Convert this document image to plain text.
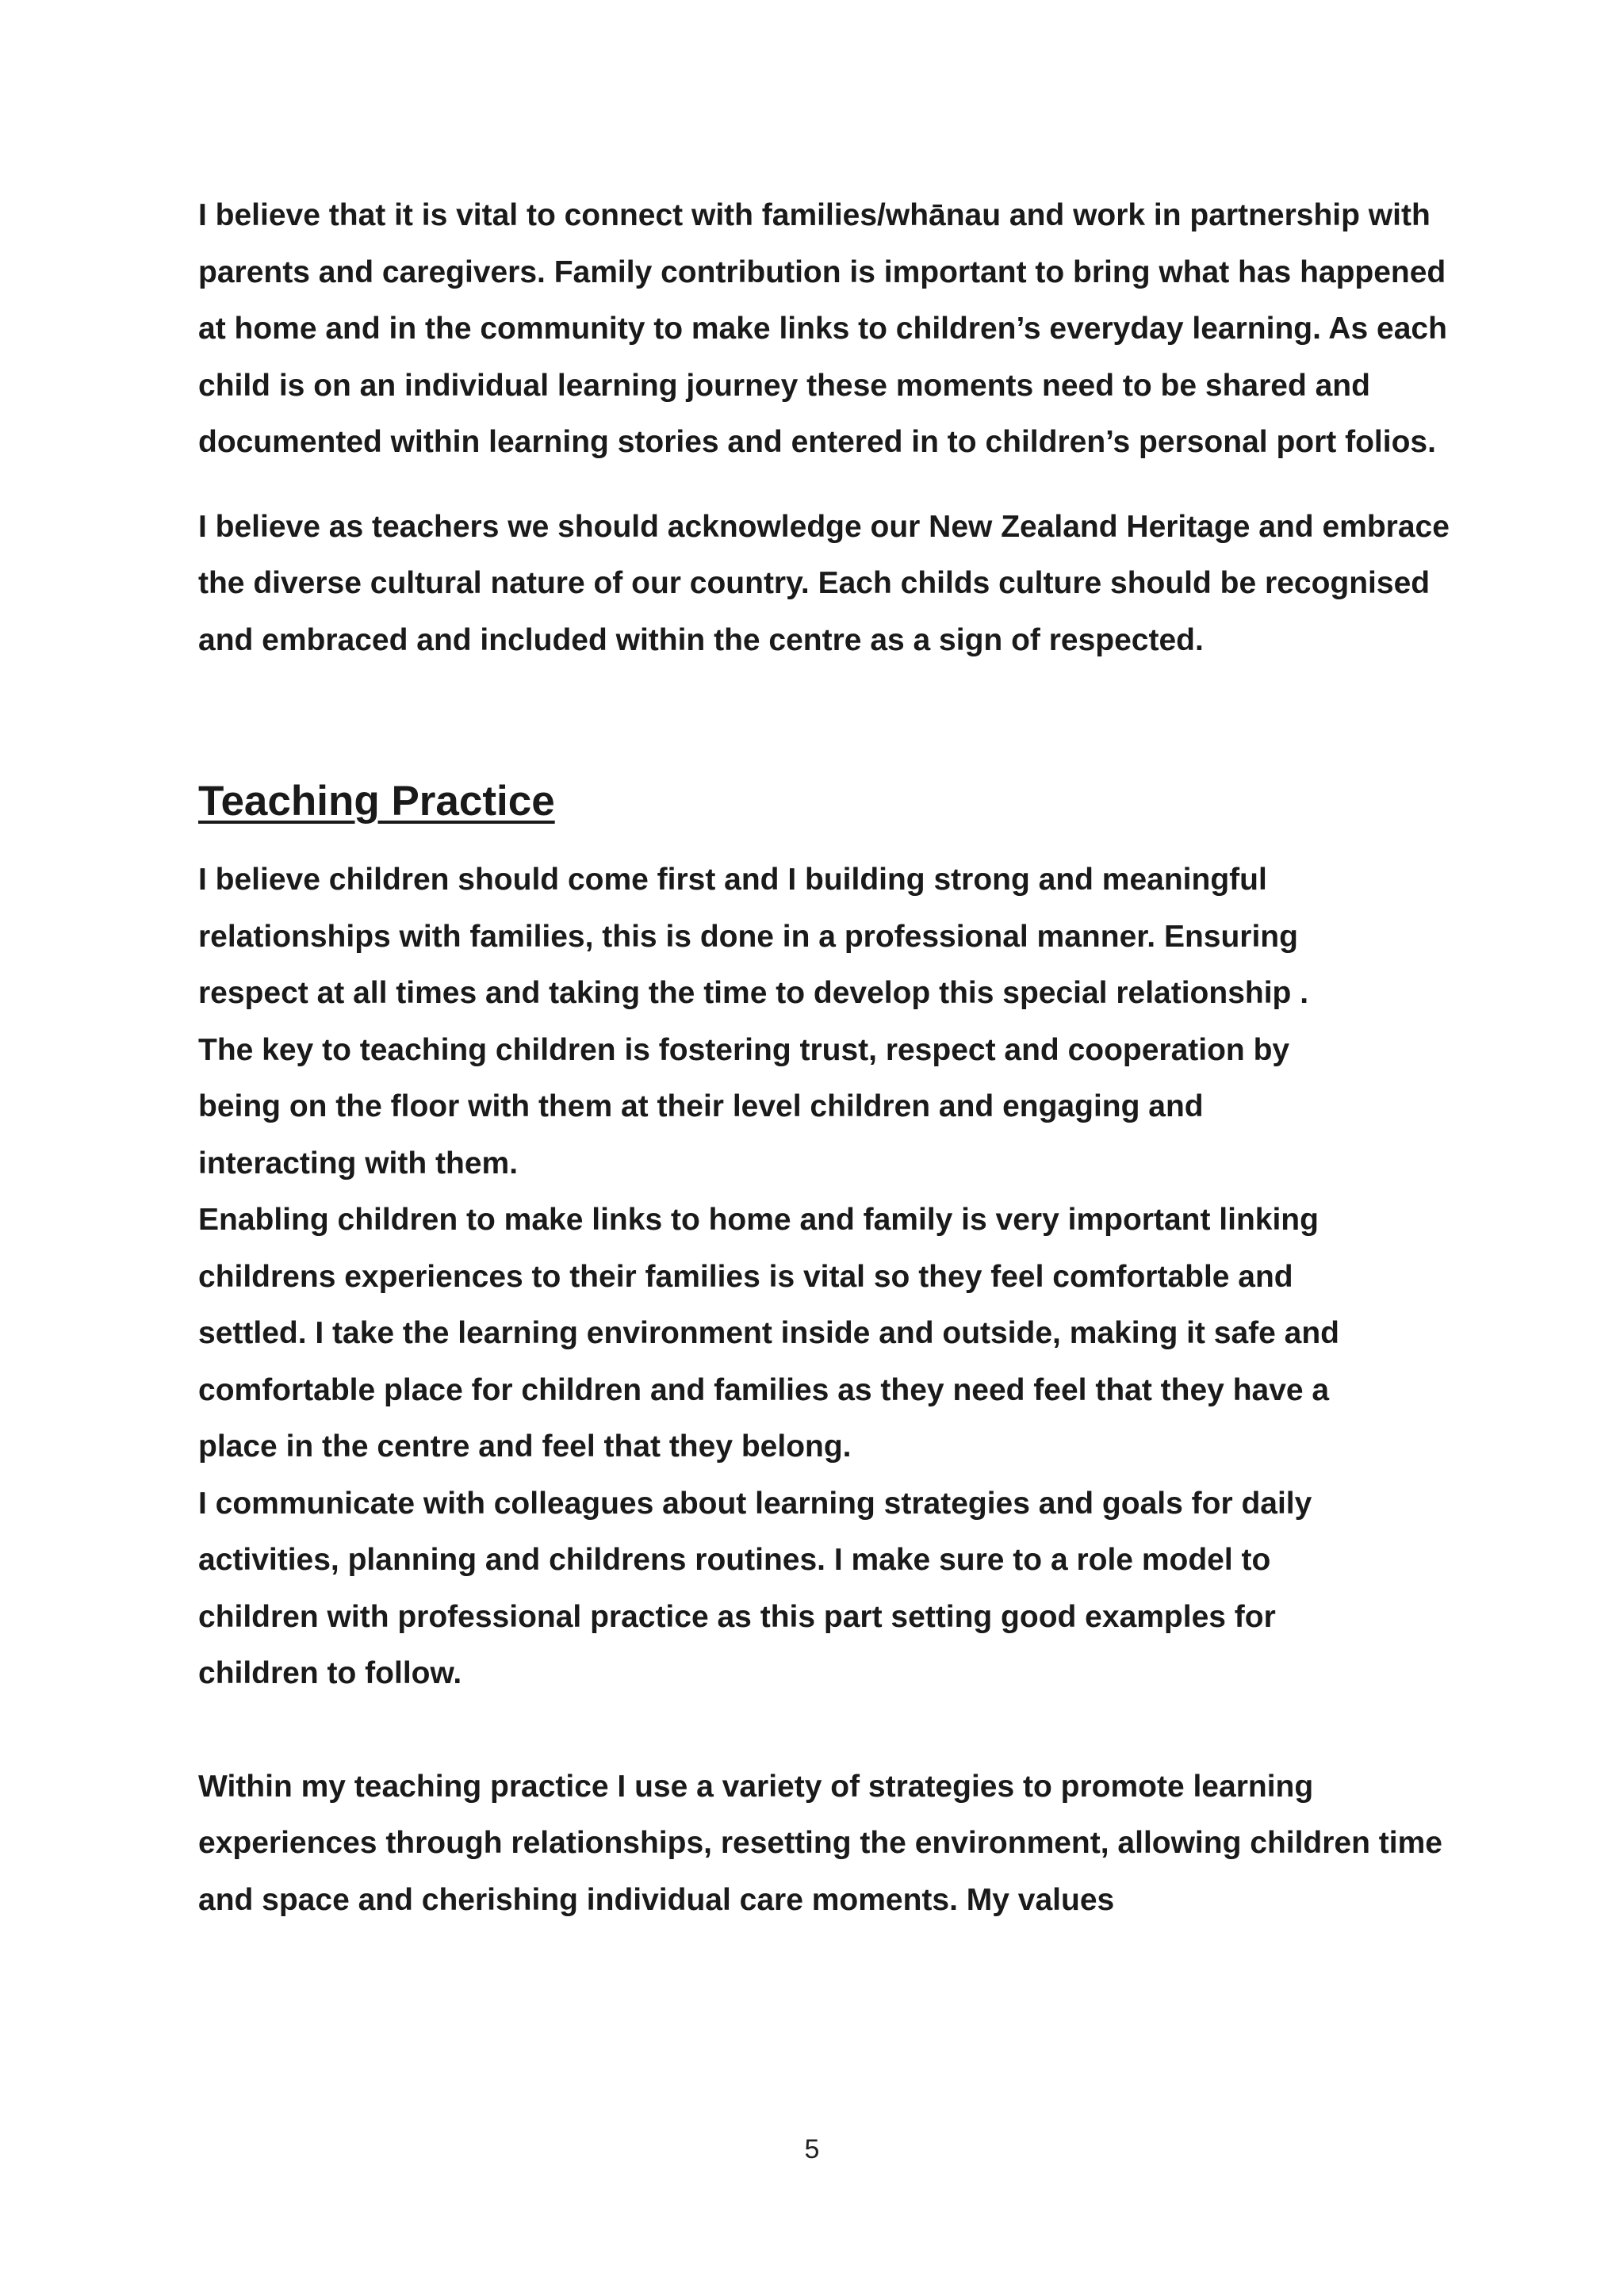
I believe that it is vital to connect with families/whānau and work in partnership with parents and caregivers. Family contribution is important to bring what has happened at home and in the community to make links to children’s everyday learning. As each child is on an individual learning journey these moments need to be shared and documented within learning stories and entered in to children’s personal port folios.

I believe as teachers we should acknowledge our New Zealand Heritage and embrace the diverse cultural nature of our country. Each childs culture should be recognised and embraced and included within the centre as a sign of respected.

Teaching Practice

I believe children should come first and I building strong and meaningful

relationships with families, this is done in a professional manner. Ensuring

respect at all times and taking the time to develop this special relationship .

The key to teaching children is fostering trust, respect and cooperation by

being on the floor with them at their level children and engaging and

interacting with them.

Enabling children to make links to home and family is very important linking

childrens experiences to their families is vital so they feel comfortable and

settled. I take the learning environment inside and outside, making it safe and

comfortable place for children and families as they need feel that they have a

place in the centre and feel that they belong.

I communicate with colleagues about learning strategies and goals for daily

activities, planning and childrens routines. I make sure to a role model to

children with professional practice as this part setting good examples for

children to follow.

Within my teaching practice I use a variety of strategies to promote learning experiences through relationships, resetting the environment, allowing children time and space and cherishing individual care moments. My values

5
